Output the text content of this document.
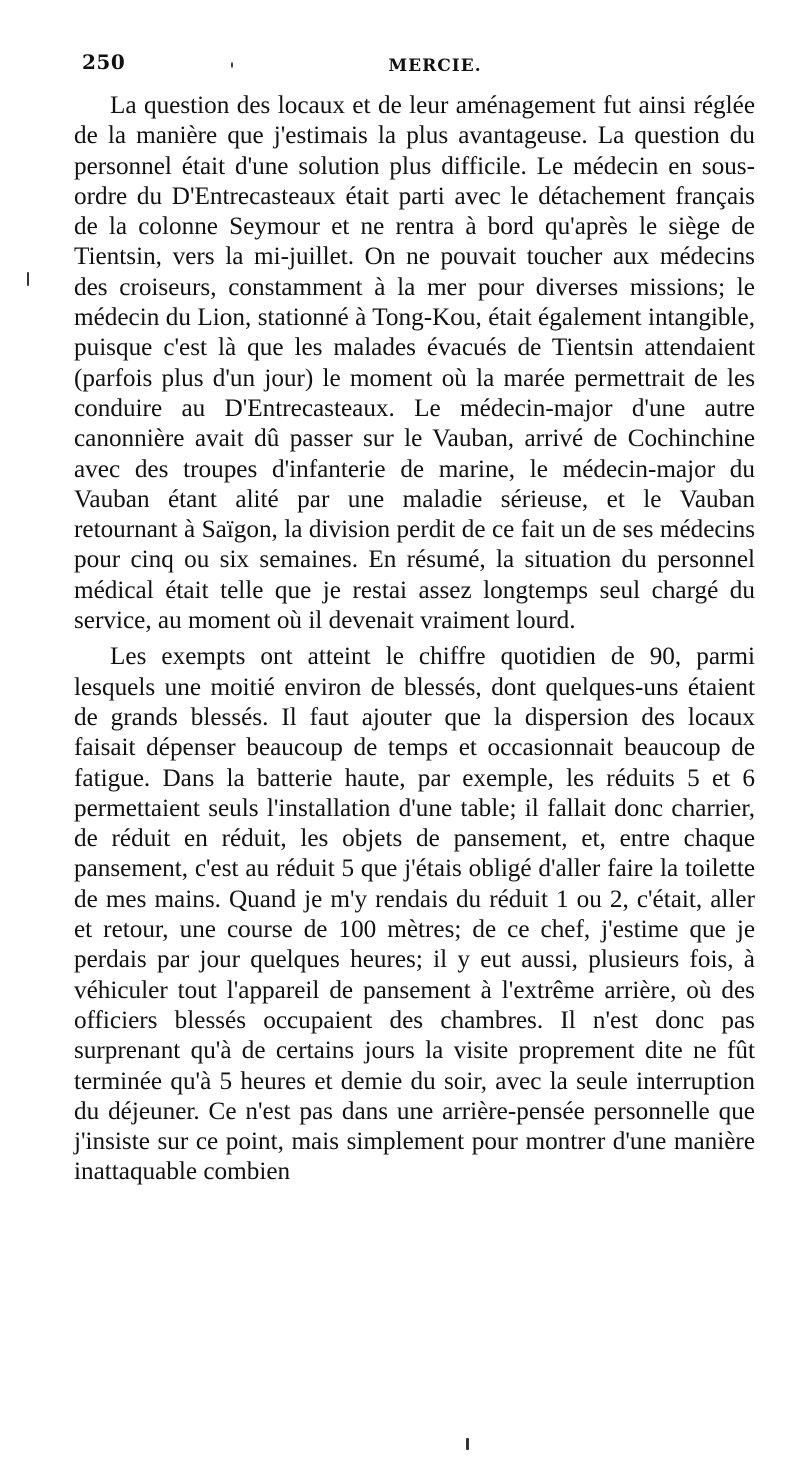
250	MERCIE.

La question des locaux et de leur aménagement fut ainsi réglée de la manière que j'estimais la plus avantageuse. La question du personnel était d'une solution plus difficile. Le médecin en sous-ordre du D'Entrecasteaux était parti avec le détachement français de la colonne Seymour et ne rentra à bord qu'après le siège de Tientsin, vers la mi-juillet. On ne pouvait toucher aux médecins des croiseurs, constamment à la mer pour diverses missions; le médecin du Lion, stationné à Tong-Kou, était également intangible, puisque c'est là que les malades évacués de Tientsin attendaient (parfois plus d'un jour) le moment où la marée permettrait de les conduire au D'Entrecasteaux. Le médecin-major d'une autre canonnière avait dû passer sur le Vauban, arrivé de Cochinchine avec des troupes d'infanterie de marine, le médecin-major du Vauban étant alité par une maladie sérieuse, et le Vauban retournant à Saïgon, la division perdit de ce fait un de ses médecins pour cinq ou six semaines. En résumé, la situation du personnel médical était telle que je restai assez longtemps seul chargé du service, au moment où il devenait vraiment lourd.

Les exempts ont atteint le chiffre quotidien de 90, parmi lesquels une moitié environ de blessés, dont quelques-uns étaient de grands blessés. Il faut ajouter que la dispersion des locaux faisait dépenser beaucoup de temps et occasionnait beaucoup de fatigue. Dans la batterie haute, par exemple, les réduits 5 et 6 permettaient seuls l'installation d'une table; il fallait donc charrier, de réduit en réduit, les objets de pansement, et, entre chaque pansement, c'est au réduit 5 que j'étais obligé d'aller faire la toilette de mes mains. Quand je m'y rendais du réduit 1 ou 2, c'était, aller et retour, une course de 100 mètres; de ce chef, j'estime que je perdais par jour quelques heures; il y eut aussi, plusieurs fois, à véhiculer tout l'appareil de pansement à l'extrême arrière, où des officiers blessés occupaient des chambres. Il n'est donc pas surprenant qu'à de certains jours la visite proprement dite ne fût terminée qu'à 5 heures et demie du soir, avec la seule interruption du déjeuner. Ce n'est pas dans une arrière-pensée personnelle que j'insiste sur ce point, mais simplement pour montrer d'une manière inattaquable combien
